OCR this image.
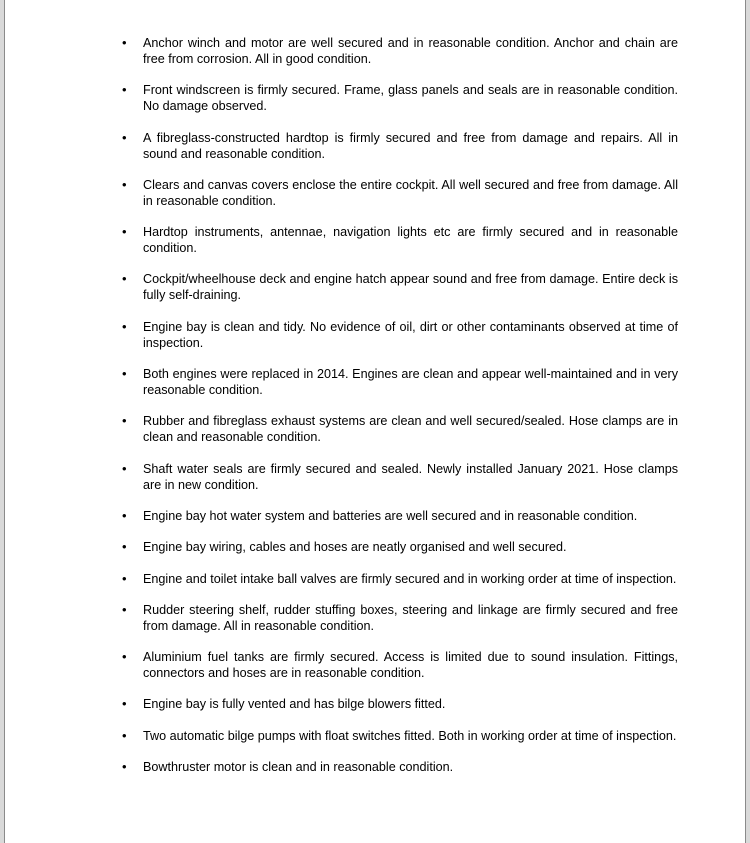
• Anchor winch and motor are well secured and in reasonable condition. Anchor and chain are free from corrosion. All in good condition.
• Front windscreen is firmly secured. Frame, glass panels and seals are in reasonable condition. No damage observed.
• A fibreglass-constructed hardtop is firmly secured and free from damage and repairs. All in sound and reasonable condition.
• Clears and canvas covers enclose the entire cockpit. All well secured and free from damage. All in reasonable condition.
• Hardtop instruments, antennae, navigation lights etc are firmly secured and in reasonable condition.
• Cockpit/wheelhouse deck and engine hatch appear sound and free from damage. Entire deck is fully self-draining.
• Engine bay is clean and tidy. No evidence of oil, dirt or other contaminants observed at time of inspection.
• Both engines were replaced in 2014. Engines are clean and appear well-maintained and in very reasonable condition.
• Rubber and fibreglass exhaust systems are clean and well secured/sealed. Hose clamps are in clean and reasonable condition.
• Shaft water seals are firmly secured and sealed. Newly installed January 2021. Hose clamps are in new condition.
• Engine bay hot water system and batteries are well secured and in reasonable condition.
• Engine bay wiring, cables and hoses are neatly organised and well secured.
• Engine and toilet intake ball valves are firmly secured and in working order at time of inspection.
• Rudder steering shelf, rudder stuffing boxes, steering and linkage are firmly secured and free from damage. All in reasonable condition.
• Aluminium fuel tanks are firmly secured. Access is limited due to sound insulation. Fittings, connectors and hoses are in reasonable condition.
• Engine bay is fully vented and has bilge blowers fitted.
• Two automatic bilge pumps with float switches fitted. Both in working order at time of inspection.
• Bowthruster motor is clean and in reasonable condition.
